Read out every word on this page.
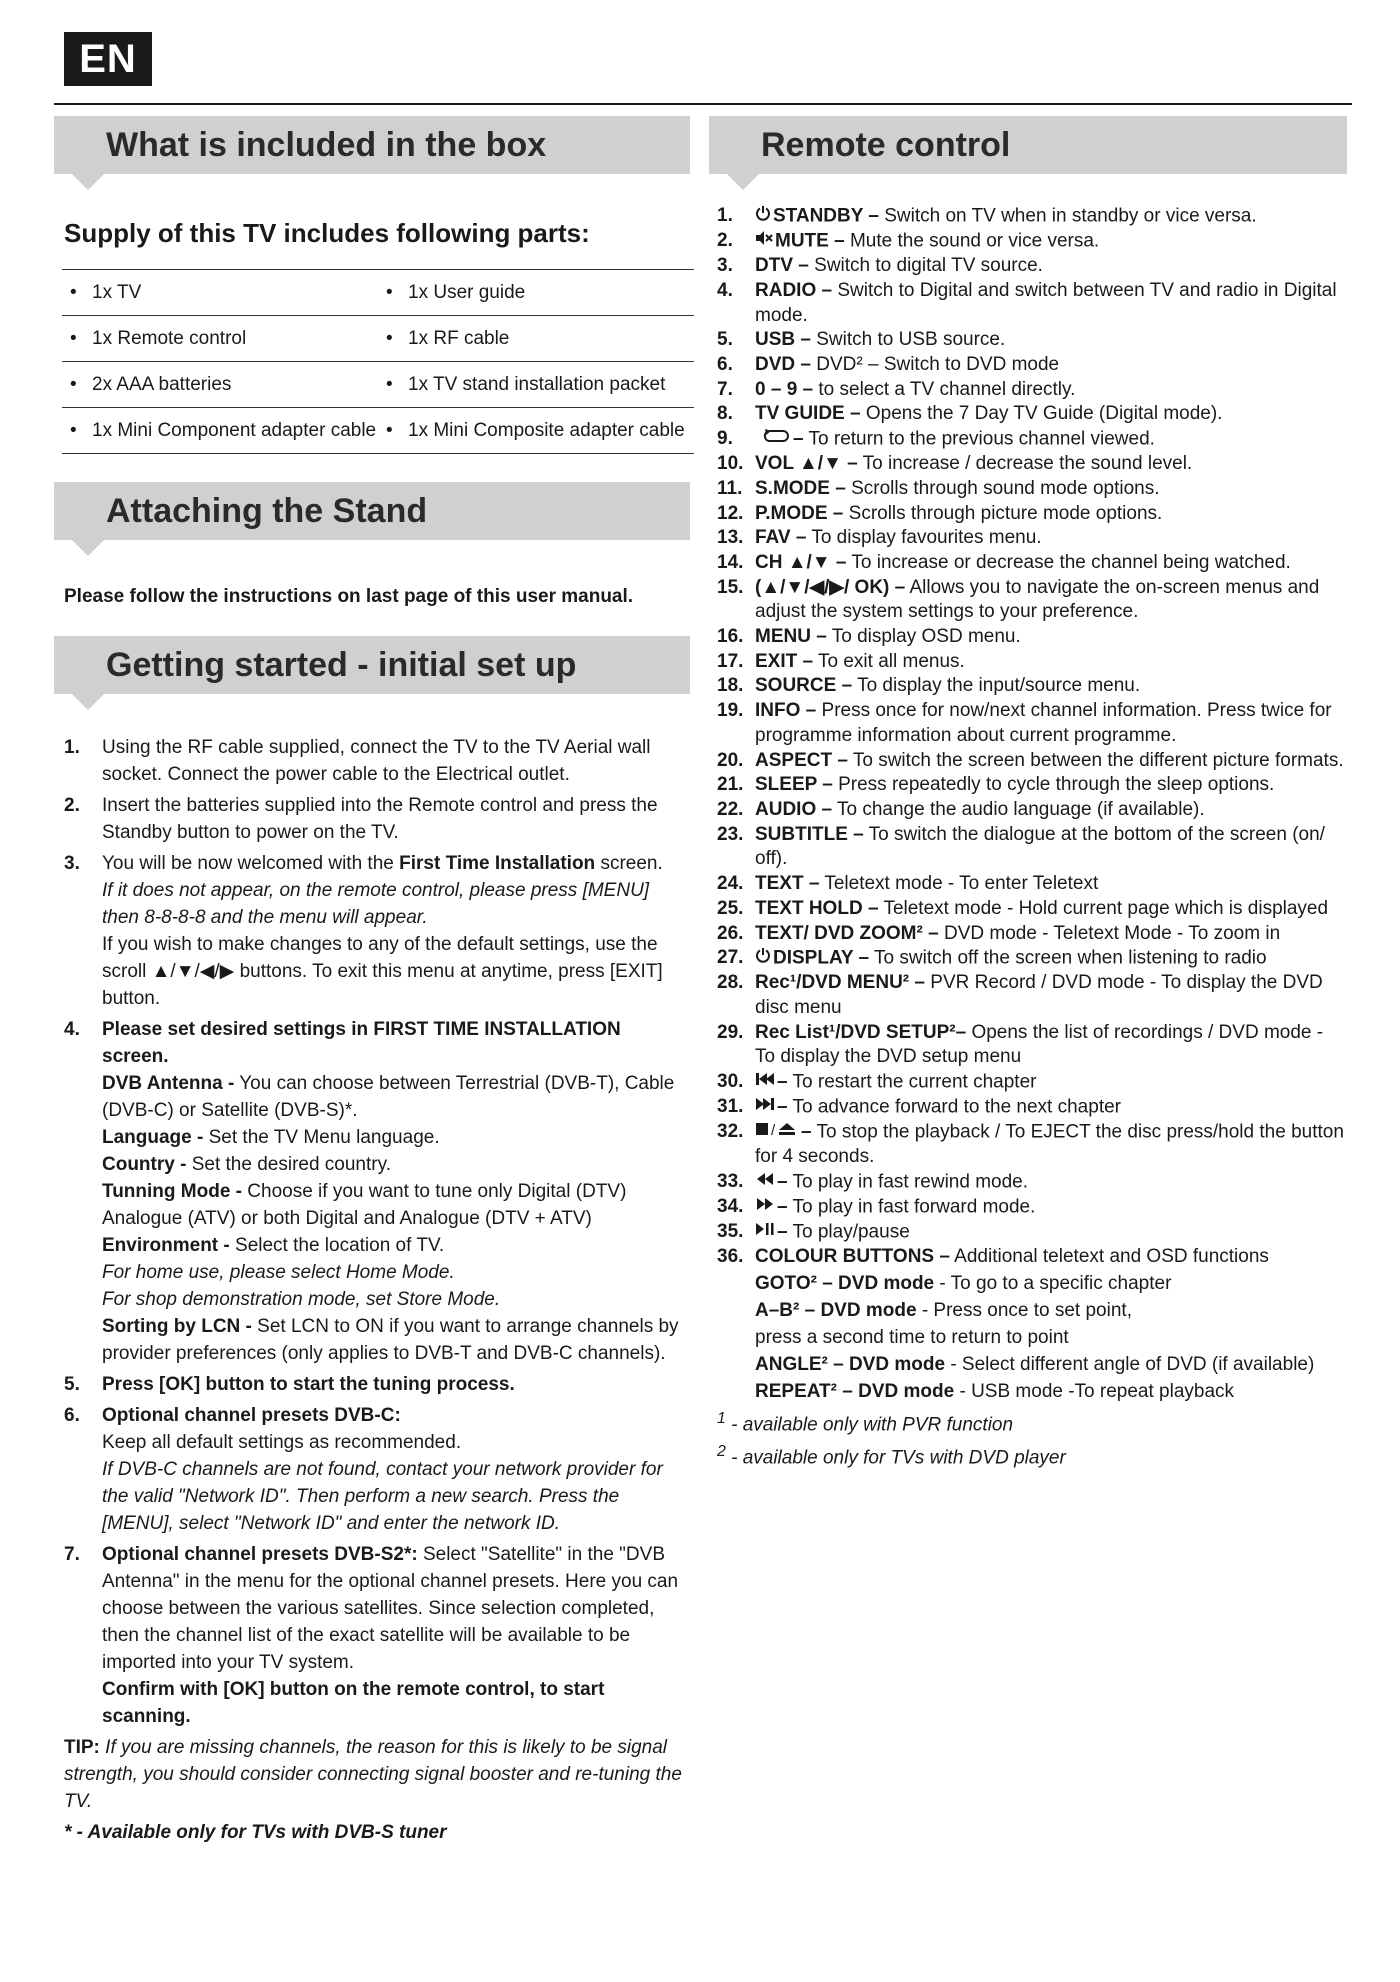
EN
What is included in the box
Supply of this TV includes following parts:
• 1x TV	• 1x User guide

• 1x Remote control	• 1x RF cable

• 2x AAA batteries	• 1x TV stand installation packet

• 1x Mini Component adapter cable	• 1x Mini Composite adapter cable
Attaching the Stand
Please follow the instructions on last page of this user manual.
Getting started - initial set up
1.	Using the RF cable supplied, connect the TV to the TV Aerial wall socket. Connect the power cable to the Electrical outlet.
2.	Insert the batteries supplied into the Remote control and press the Standby button to power on the TV.
3.	You will be now welcomed with the First Time Installation screen.
If it does not appear, on the remote control, please press [MENU] then 8-8-8-8 and the menu will appear.
If you wish to make changes to any of the default settings, use the scroll ▲/▼/◀/▶ buttons. To exit this menu at anytime, press [EXIT] button.
4.	Please set desired settings in FIRST TIME INSTALLATION screen.
DVB Antenna - You can choose between Terrestrial (DVB-T), Cable (DVB-C) or Satellite (DVB-S)*.
Language - Set the TV Menu language.
Country - Set the desired country.
Tunning Mode - Choose if you want to tune only Digital (DTV) Analogue (ATV) or both Digital and Analogue (DTV + ATV)
Environment - Select the location of TV.
For home use, please select Home Mode.
For shop demonstration mode, set Store Mode.
Sorting by LCN - Set LCN to ON if you want to arrange channels by provider preferences (only applies to DVB-T and DVB-C channels).
5.	Press [OK] button to start the tuning process.
6.	Optional channel presets DVB-C:
Keep all default settings as recommended.
If DVB-C channels are not found, contact your network provider for the valid "Network ID". Then perform a new search. Press the [MENU], select "Network ID" and enter the network ID.
7.	Optional channel presets DVB-S2*: Select "Satellite" in the "DVB Antenna" in the menu for the optional channel presets. Here you can choose between the various satellites. Since selection completed, then the channel list of the exact satellite will be available to be imported into your TV system.
Confirm with [OK] button on the remote control, to start scanning.
TIP: If you are missing channels, the reason for this is likely to be signal strength, you should consider connecting signal booster and re-tuning the TV.
* - Available only for TVs with DVB-S tuner
Remote control
1.	STANDBY – Switch on TV when in standby or vice versa.
2.	MUTE – Mute the sound or vice versa.
3.	DTV – Switch to digital TV source.
4.	RADIO – Switch to Digital and switch between TV and radio in Digital mode.
5.	USB – Switch to USB source.
6.	DVD – DVD² – Switch to DVD mode
7.	0 – 9 – to select a TV channel directly.
8.	TV GUIDE – Opens the 7 Day TV Guide (Digital mode).
9.	– To return to the previous channel viewed.
10. VOL ▲/▼ – To increase / decrease the sound level.
11. S.MODE – Scrolls through sound mode options.
12. P.MODE – Scrolls through picture mode options.
13. FAV – To display favourites menu.
14. CH ▲/▼ – To increase or decrease the channel being watched.
15. (▲/▼/◀/▶/ OK) – Allows you to navigate the on-screen menus and adjust the system settings to your preference.
16. MENU – To display OSD menu.
17. EXIT – To exit all menus.
18. SOURCE – To display the input/source menu.
19. INFO – Press once for now/next channel information. Press twice for programme information about current programme.
20. ASPECT – To switch the screen between the different picture formats.
21. SLEEP – Press repeatedly to cycle through the sleep options.
22. AUDIO – To change the audio language (if available).
23. SUBTITLE – To switch the dialogue at the bottom of the screen (on/ off).
24. TEXT – Teletext mode - To enter Teletext
25. TEXT HOLD – Teletext mode - Hold current page which is displayed
26. TEXT/ DVD ZOOM² – DVD mode - Teletext Mode - To zoom in
27.	DISPLAY – To switch off the screen when listening to radio
28. Rec¹/DVD MENU² – PVR Record / DVD mode - To display the DVD disc menu
29. Rec List¹/DVD SETUP²– Opens the list of recordings / DVD mode - To display the DVD setup menu
30.	– To restart the current chapter
31.	– To advance forward to the next chapter
32.	/ – To stop the playback / To EJECT the disc press/hold the button for 4 seconds.
33.	– To play in fast rewind mode.
34.	– To play in fast forward mode.
35.	– To play/pause
36. COLOUR BUTTONS – Additional teletext and OSD functions
GOTO² – DVD mode - To go to a specific chapter
A–B² – DVD mode - Press once to set point,
press a second time to return to point
ANGLE² – DVD mode - Select different angle of DVD (if available)
REPEAT² – DVD mode - USB mode -To repeat playback
$^1$ - available only with PVR function
$^2$ - available only for TVs with DVD player
